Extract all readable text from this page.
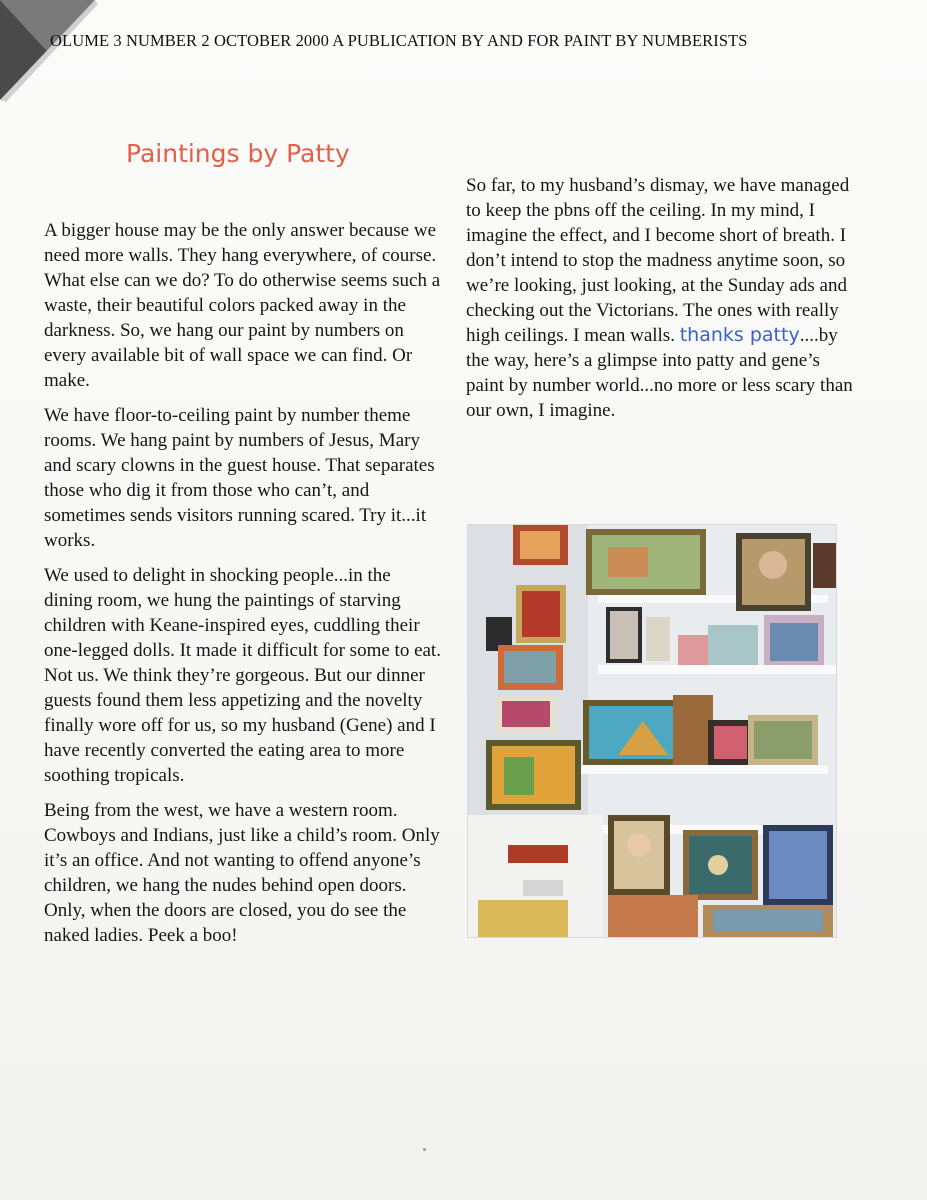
OLUME 3 NUMBER 2 OCTOBER 2000 A PUBLICATION BY AND FOR PAINT BY NUMBERISTS
Paintings by Patty

A bigger house may be the only answer because we need more walls. They hang everywhere, of course. What else can we do? To do otherwise seems such a waste, their beautiful colors packed away in the darkness. So, we hang our paint by numbers on every available bit of wall space we can find. Or make.

We have floor-to-ceiling paint by number theme rooms. We hang paint by numbers of Jesus, Mary and scary clowns in the guest house. That separates those who dig it from those who can’t, and sometimes sends visitors running scared. Try it...it works.

We used to delight in shocking people...in the dining room, we hung the paintings of starving children with Keane-inspired eyes, cuddling their one-legged dolls. It made it difficult for some to eat. Not us. We think they’re gorgeous. But our dinner guests found them less appetizing and the novelty finally wore off for us, so my husband (Gene) and I have recently converted the eating area to more soothing tropicals.

Being from the west, we have a western room. Cowboys and Indians, just like a child’s room. Only it’s an office. And not wanting to offend anyone’s children, we hang the nudes behind open doors. Only, when the doors are closed, you do see the naked ladies. Peek a boo!

So far, to my husband’s dismay, we have managed to keep the pbns off the ceiling. In my mind, I imagine the effect, and I become short of breath. I don’t intend to stop the madness anytime soon, so we’re looking, just looking, at the Sunday ads and checking out the Victorians. The ones with really high ceilings. I mean walls. thanks patty....by the way, here’s a glimpse into patty and gene’s paint by number world...no more or less scary than our own, I imagine.
